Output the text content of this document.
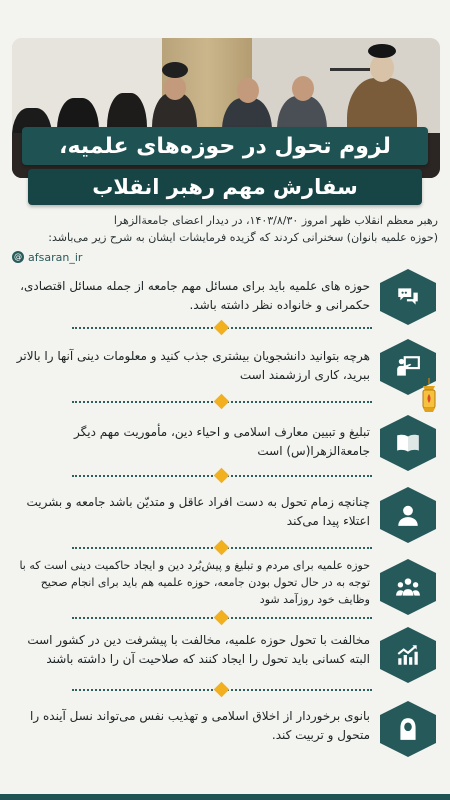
لزوم تحول در حوزه‌های علمیه،
سفارش مهم رهبر انقلاب
رهبر معظم انقلاب ظهر امروز ۱۴۰۳/۸/۳۰، در دیدار اعضای جامعة‌الزهرا
(حوزه علمیه بانوان) سخنرانی کردند که گزیده فرمایشات ایشان به شرح زیر می‌باشد:
@ afsaran_ir
حوزه های علمیه باید برای مسائل مهم جامعه از جمله مسائل اقتصادی، حکمرانی و خانواده نظر داشته باشد.
هرچه بتوانید دانشجویان بیشتری جذب کنید و معلومات دینی آنها را بالاتر ببرید، کاری ارزشمند است
تبلیغ و تبیین معارف اسلامی و احیاء دین، مأموریت مهم دیگر جامعة‌الزهرا(س) است
چنانچه زمام تحول به دست افراد عاقل و متدیّن باشد جامعه و بشریت اعتلاء پیدا می‌کند
حوزه علمیه برای مردم و تبلیغ و پیش‌بُرد دین و ایجاد حاکمیت دینی است که با توجه به در حال تحول بودن جامعه، حوزه علمیه هم باید برای انجام صحیح وظایف خود روزآمد شود
مخالفت با تحول حوزه علمیه، مخالفت با پیشرفت دین در کشور است البته کسانی باید تحول را ایجاد کنند که صلاحیت آن را داشته باشند
بانوی برخوردار از اخلاق اسلامی و تهذیب نفس می‌تواند نسل آینده را متحول و تربیت کند.
